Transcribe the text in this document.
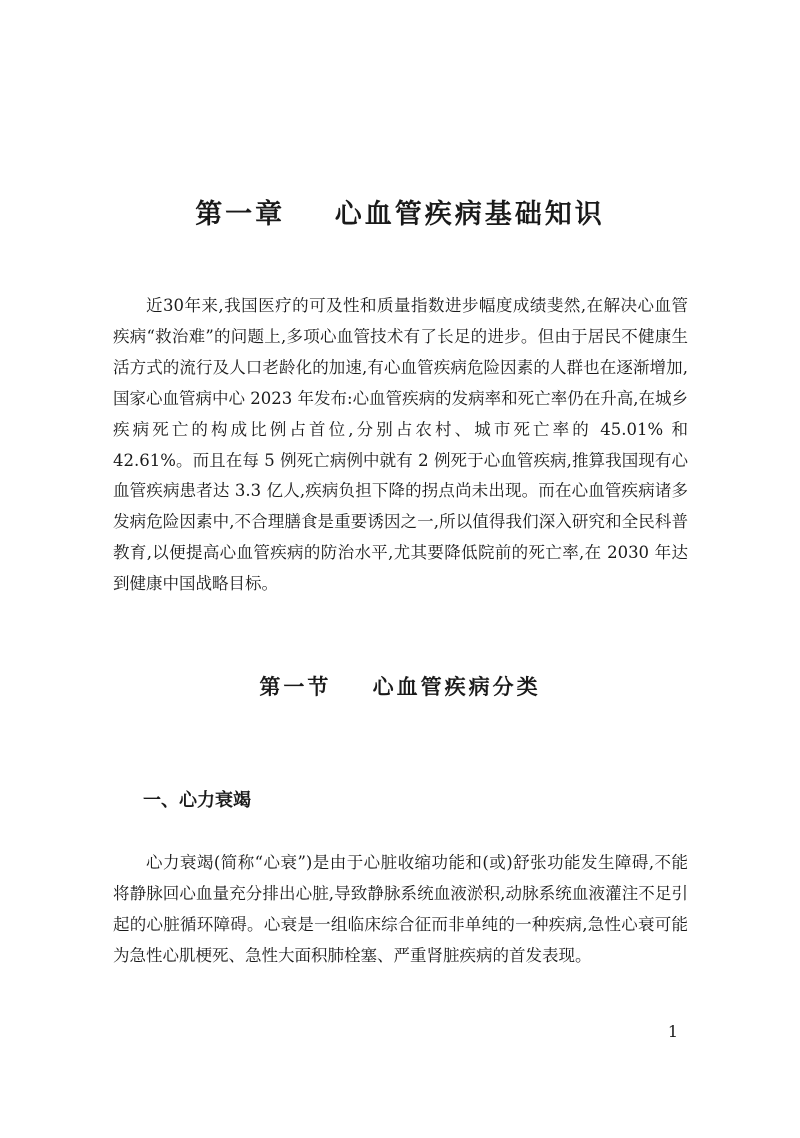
第一章    心血管疾病基础知识

近30年来,我国医疗的可及性和质量指数进步幅度成绩斐然,在解决心血管疾病“救治难”的问题上,多项心血管技术有了长足的进步。但由于居民不健康生活方式的流行及人口老龄化的加速,有心血管疾病危险因素的人群也在逐渐增加,国家心血管病中心 2023 年发布:心血管疾病的发病率和死亡率仍在升高,在城乡疾病死亡的构成比例占首位,分别占农村、城市死亡率的 45.01% 和 42.61%。而且在每 5 例死亡病例中就有 2 例死于心血管疾病,推算我国现有心血管疾病患者达 3.3 亿人,疾病负担下降的拐点尚未出现。而在心血管疾病诸多发病危险因素中,不合理膳食是重要诱因之一,所以值得我们深入研究和全民科普教育,以便提高心血管疾病的防治水平,尤其要降低院前的死亡率,在 2030 年达到健康中国战略目标。

第一节    心血管疾病分类
一、心力衰竭

心力衰竭(简称“心衰”)是由于心脏收缩功能和(或)舒张功能发生障碍,不能将静脉回心血量充分排出心脏,导致静脉系统血液淤积,动脉系统血液灌注不足引起的心脏循环障碍。心衰是一组临床综合征而非单纯的一种疾病,急性心衰可能为急性心肌梗死、急性大面积肺栓塞、严重肾脏疾病的首发表现。

1
